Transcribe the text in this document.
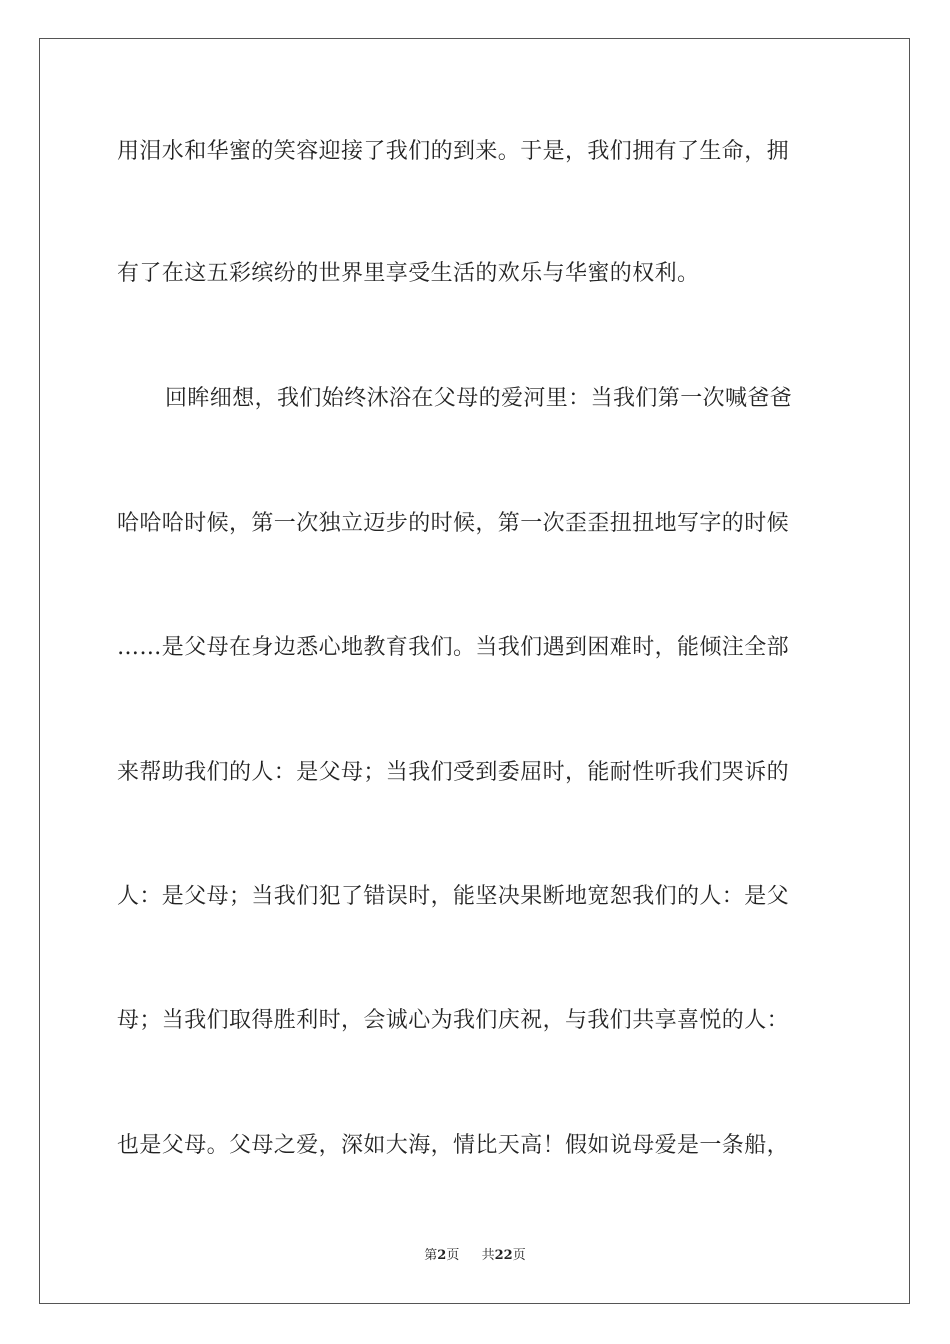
用泪水和华蜜的笑容迎接了我们的到来。于是，我们拥有了生命，拥

有了在这五彩缤纷的世界里享受生活的欢乐与华蜜的权利。

回眸细想，我们始终沐浴在父母的爱河里：当我们第一次喊爸爸

哈哈哈时候，第一次独立迈步的时候，第一次歪歪扭扭地写字的时候

……是父母在身边悉心地教育我们。当我们遇到困难时，能倾注全部

来帮助我们的人：是父母；当我们受到委屈时，能耐性听我们哭诉的

人：是父母；当我们犯了错误时，能坚决果断地宽恕我们的人：是父

母；当我们取得胜利时，会诚心为我们庆祝，与我们共享喜悦的人：

也是父母。父母之爱，深如大海，情比天高！假如说母爱是一条船，

第2页 共22页
